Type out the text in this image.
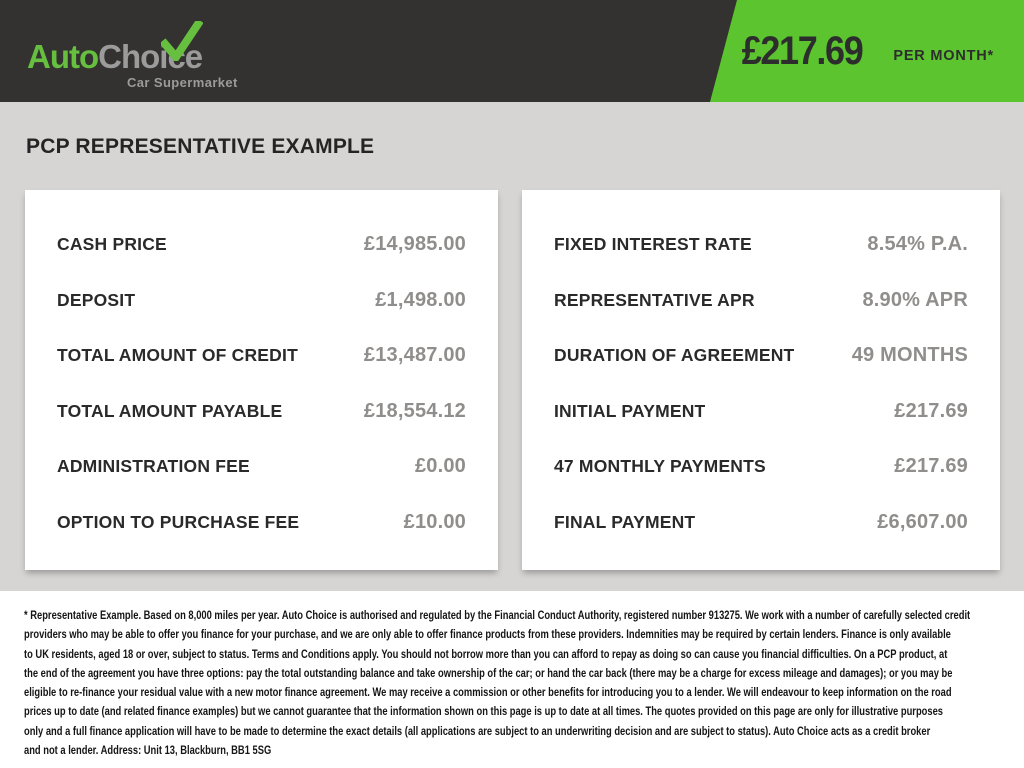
AutoChoice
Car Supermarket
£217.69 PER MONTH*
PCP REPRESENTATIVE EXAMPLE
CASH PRICE	£14,985.00
DEPOSIT	£1,498.00
TOTAL AMOUNT OF CREDIT	£13,487.00
TOTAL AMOUNT PAYABLE	£18,554.12
ADMINISTRATION FEE	£0.00
OPTION TO PURCHASE FEE	£10.00
FIXED INTEREST RATE	8.54% P.A.
REPRESENTATIVE APR	8.90% APR
DURATION OF AGREEMENT	49 MONTHS
INITIAL PAYMENT	£217.69
47 MONTHLY PAYMENTS	£217.69
FINAL PAYMENT	£6,607.00
* Representative Example. Based on 8,000 miles per year. Auto Choice is authorised and regulated by the Financial Conduct Authority, registered number 913275. We work with a number of carefully selected credit
providers who may be able to offer you finance for your purchase, and we are only able to offer finance products from these providers. Indemnities may be required by certain lenders. Finance is only available
to UK residents, aged 18 or over, subject to status. Terms and Conditions apply. You should not borrow more than you can afford to repay as doing so can cause you financial difficulties. On a PCP product, at
the end of the agreement you have three options: pay the total outstanding balance and take ownership of the car; or hand the car back (there may be a charge for excess mileage and damages); or you may be
eligible to re-finance your residual value with a new motor finance agreement. We may receive a commission or other benefits for introducing you to a lender. We will endeavour to keep information on the road
prices up to date (and related finance examples) but we cannot guarantee that the information shown on this page is up to date at all times. The quotes provided on this page are only for illustrative purposes
only and a full finance application will have to be made to determine the exact details (all applications are subject to an underwriting decision and are subject to status). Auto Choice acts as a credit broker
and not a lender. Address: Unit 13, Blackburn, BB1 5SG
